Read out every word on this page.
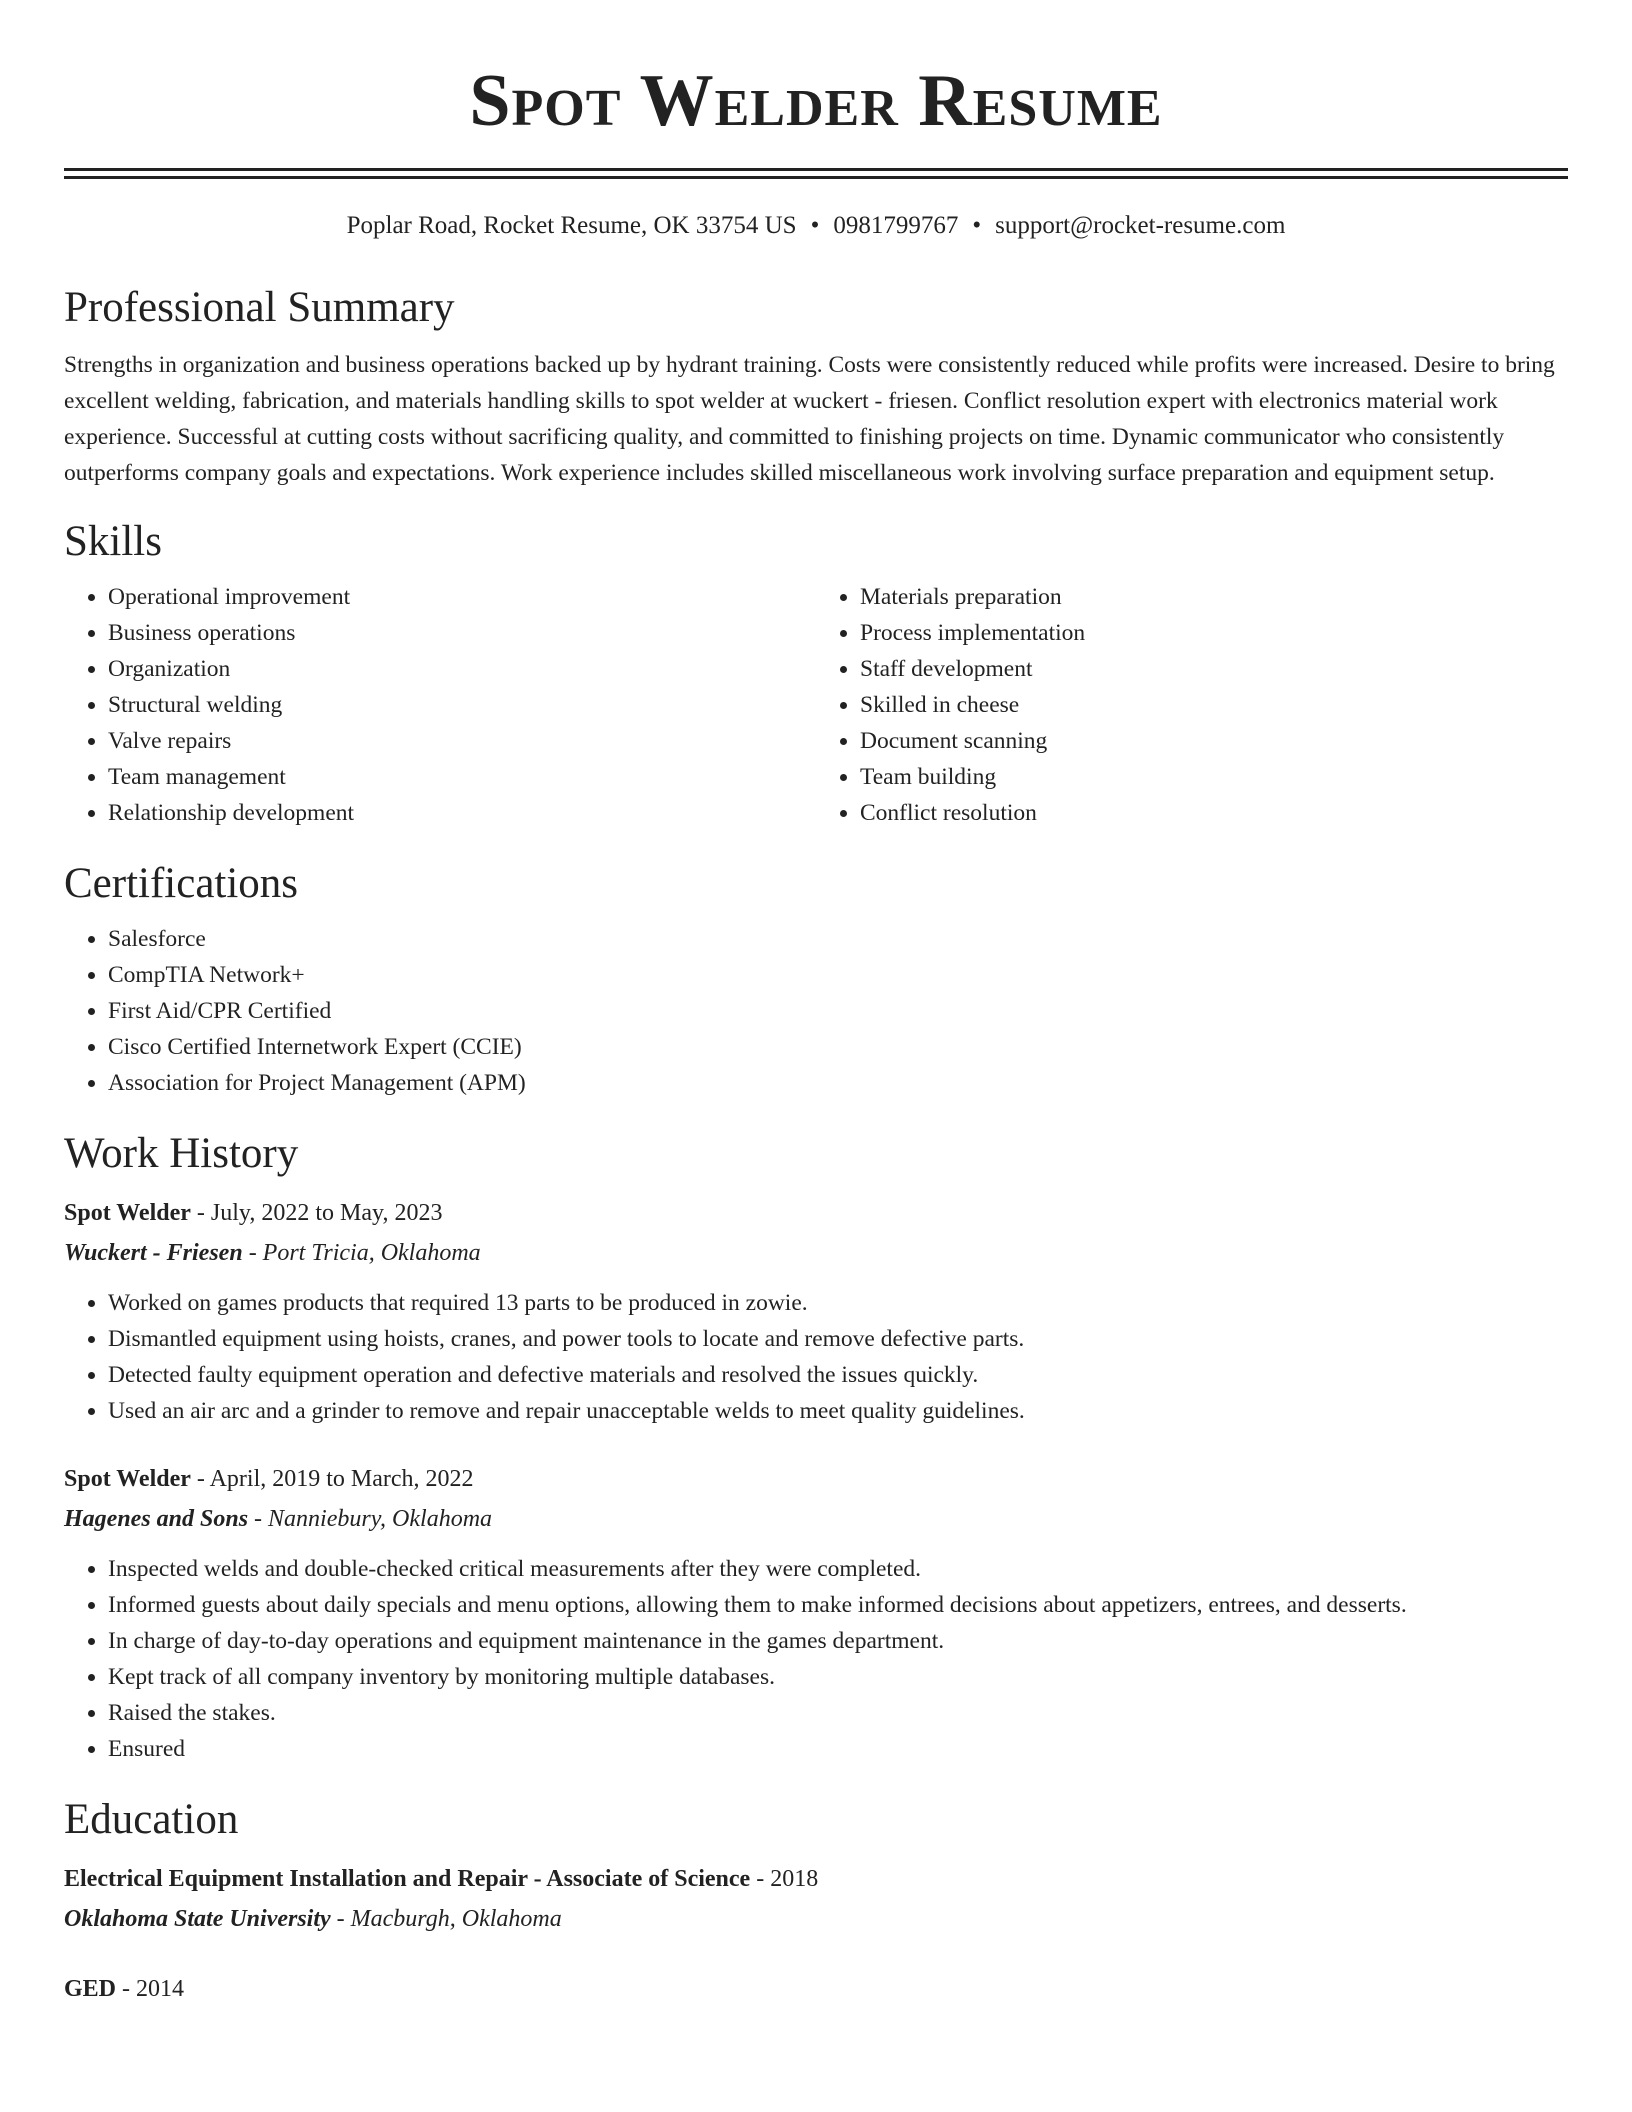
Spot Welder Resume
Poplar Road, Rocket Resume, OK 33754 US • 0981799767 • support@rocket-resume.com
Professional Summary

Strengths in organization and business operations backed up by hydrant training. Costs were consistently reduced while profits were increased. Desire to bring excellent welding, fabrication, and materials handling skills to spot welder at wuckert - friesen. Conflict resolution expert with electronics material work experience. Successful at cutting costs without sacrificing quality, and committed to finishing projects on time. Dynamic communicator who consistently outperforms company goals and expectations. Work experience includes skilled miscellaneous work involving surface preparation and equipment setup.

Skills
• Operational improvement
• Business operations
• Organization
• Structural welding
• Valve repairs
• Team management
• Relationship development
• Materials preparation
• Process implementation
• Staff development
• Skilled in cheese
• Document scanning
• Team building
• Conflict resolution
Certifications
• Salesforce
• CompTIA Network+
• First Aid/CPR Certified
• Cisco Certified Internetwork Expert (CCIE)
• Association for Project Management (APM)
Work History
Spot Welder - July, 2022 to May, 2023
Wuckert - Friesen - Port Tricia, Oklahoma
• Worked on games products that required 13 parts to be produced in zowie.
• Dismantled equipment using hoists, cranes, and power tools to locate and remove defective parts.
• Detected faulty equipment operation and defective materials and resolved the issues quickly.
• Used an air arc and a grinder to remove and repair unacceptable welds to meet quality guidelines.
Spot Welder - April, 2019 to March, 2022
Hagenes and Sons - Nanniebury, Oklahoma
• Inspected welds and double-checked critical measurements after they were completed.
• Informed guests about daily specials and menu options, allowing them to make informed decisions about appetizers, entrees, and desserts.
• In charge of day-to-day operations and equipment maintenance in the games department.
• Kept track of all company inventory by monitoring multiple databases.
• Raised the stakes.
• Ensured
Education
Electrical Equipment Installation and Repair - Associate of Science - 2018
Oklahoma State University - Macburgh, Oklahoma
GED - 2014
